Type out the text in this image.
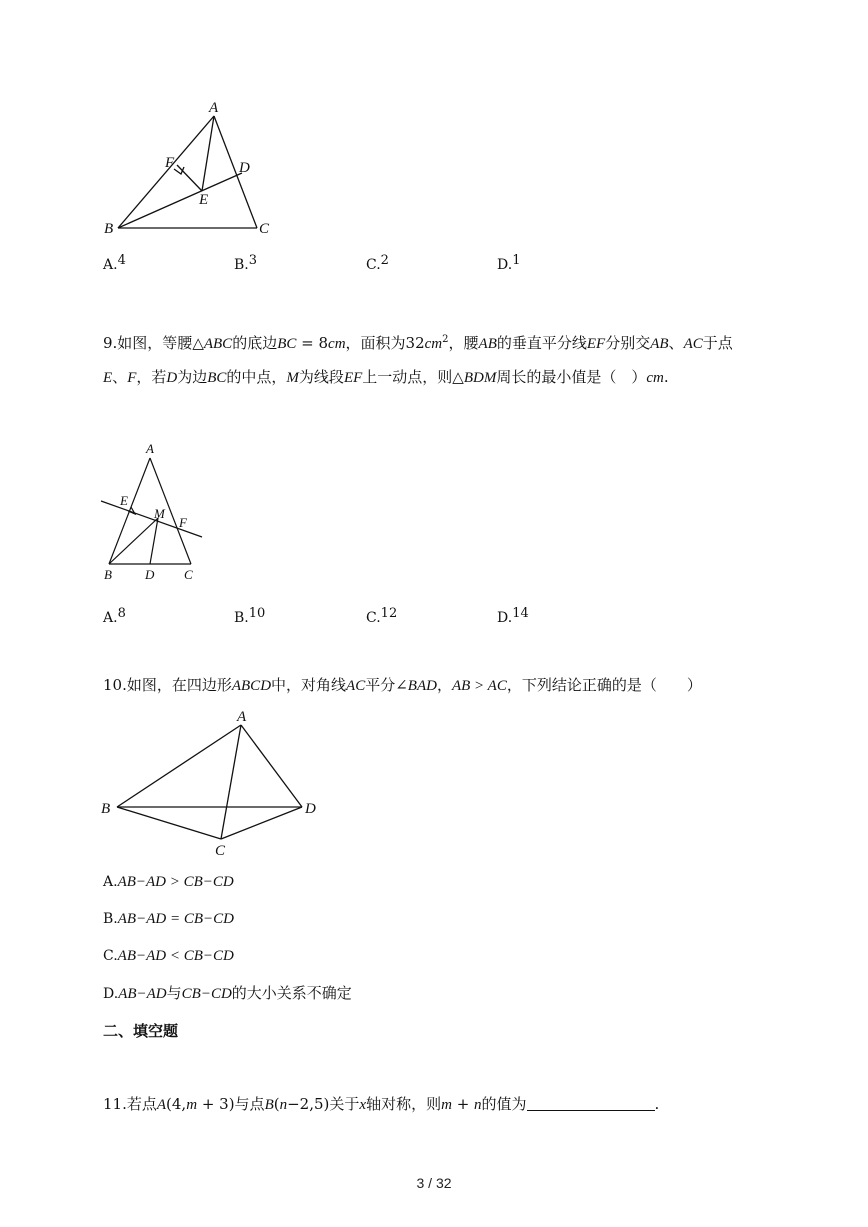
A
F	D
E
B	C
A.$^4$	B.$^3$	C.$^2$	D.$^1$
9.如图，等腰△ABC的底边BC = 8cm，面积为$32cm^2$，腰AB的垂直平分线EF分别交AB、AC于点
E、F，若D为边BC的中点，M为线段EF上一动点，则△BDM周长的最小值是（　）cm.
A
E
M
F
B	D C
A.$^8$	B.$^{10}$	C.$^{12}$	D.$^{14}$
10.如图，在四边形ABCD中，对角线AC平分∠BAD，AB > AC，下列结论正确的是（　　）
A
B	D
C
A.AB−AD > CB−CD
B.AB−AD = CB−CD
C.AB−AD < CB−CD
D.AB−AD与CB−CD的大小关系不确定
二、填空题
11.若点A(4,m + 3)与点B(n−2,5)关于x轴对称，则m + n的值为	.
3 / 32
